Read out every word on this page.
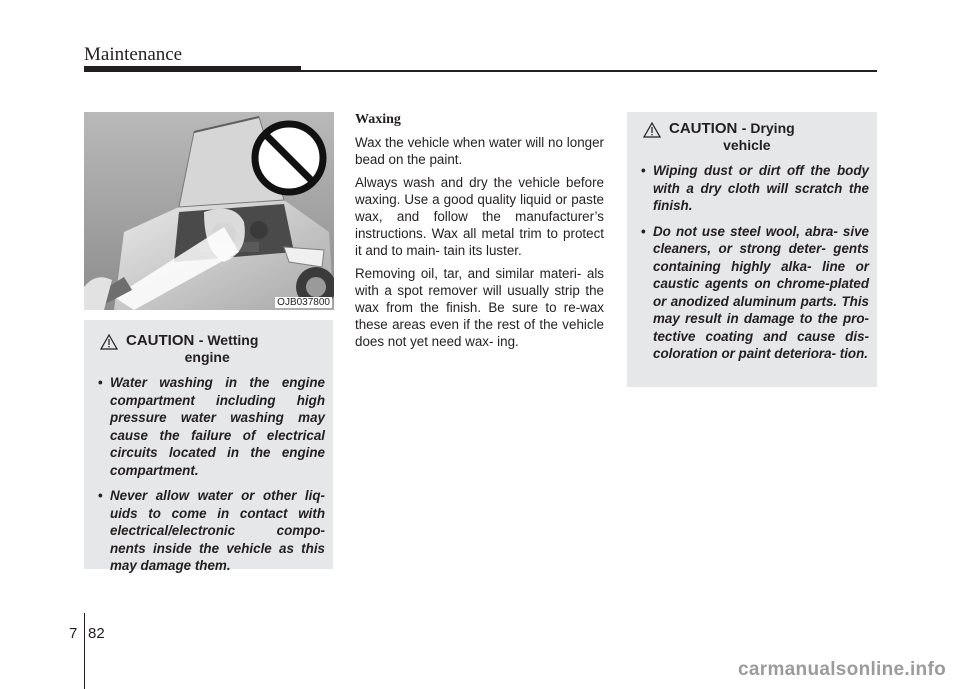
Maintenance
OJB037800
CAUTION - Wetting
engine
• Water washing in the engine compartment including high pressure water washing may cause the failure of electrical circuits located in the engine compartment.
• Never allow water or other liq- uids to come in contact with electrical/electronic compo- nents inside the vehicle as this may damage them.
Waxing

Wax the vehicle when water will no longer bead on the paint.

Always wash and dry the vehicle before waxing. Use a good quality liquid or paste wax, and follow the manufacturer’s instructions. Wax all metal trim to protect it and to main- tain its luster.

Removing oil, tar, and similar materi- als with a spot remover will usually strip the wax from the finish. Be sure to re-wax these areas even if the rest of the vehicle does not yet need wax- ing.

CAUTION - Drying
vehicle
• Wiping dust or dirt off the body with a dry cloth will scratch the finish.
• Do not use steel wool, abra- sive cleaners, or strong deter- gents containing highly alka- line or caustic agents on chrome-plated or anodized aluminum parts. This may result in damage to the pro- tective coating and cause dis- coloration or paint deteriora- tion.
7 82
carmanualsonline.info
